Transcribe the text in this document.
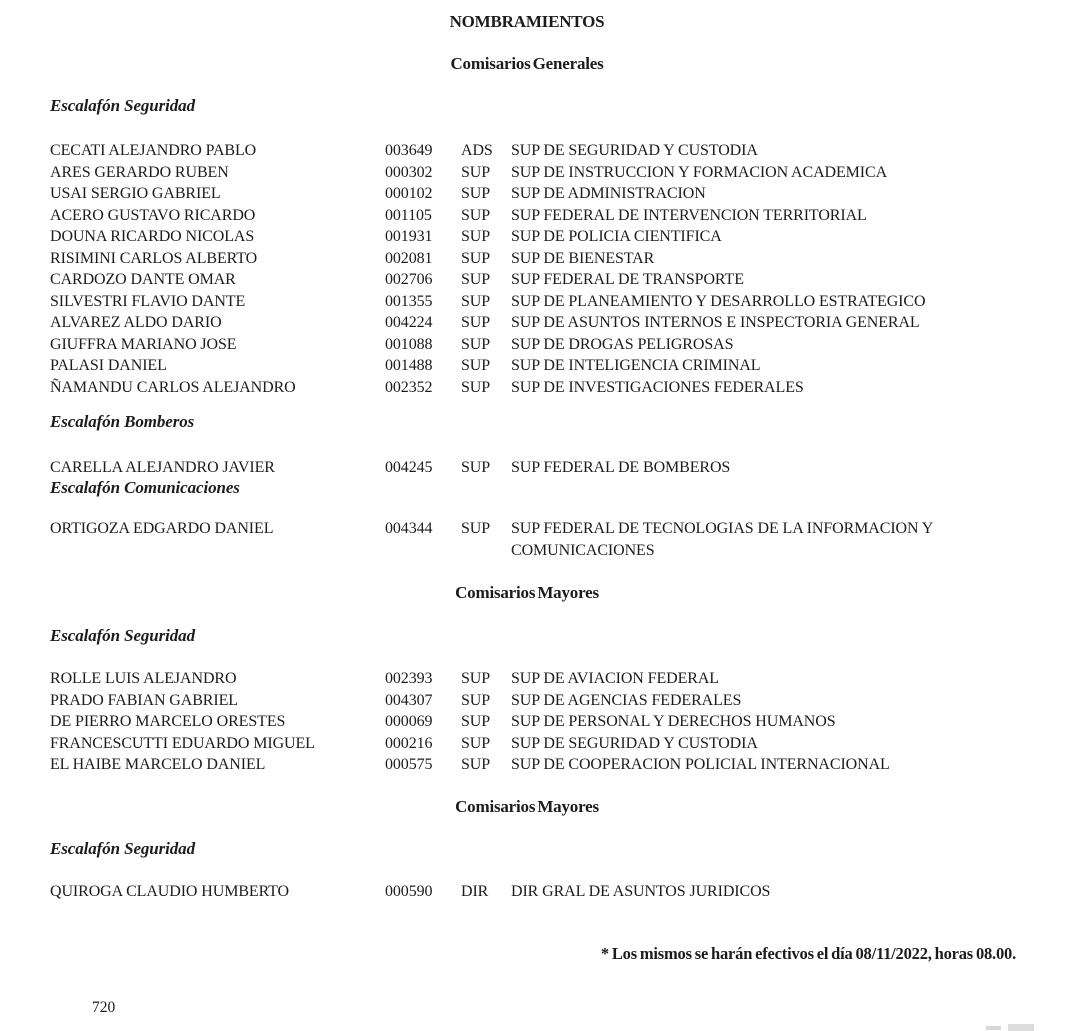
NOMBRAMIENTOS
Comisarios Generales
Escalafón Seguridad
CECATI ALEJANDRO PABLO	003649	ADS	SUP DE SEGURIDAD Y CUSTODIA
ARES GERARDO RUBEN	000302	SUP	SUP DE INSTRUCCION Y FORMACION ACADEMICA
USAI SERGIO GABRIEL	000102	SUP	SUP DE ADMINISTRACION
ACERO GUSTAVO RICARDO	001105	SUP	SUP FEDERAL DE INTERVENCION TERRITORIAL
DOUNA RICARDO NICOLAS	001931	SUP	SUP DE POLICIA CIENTIFICA
RISIMINI CARLOS ALBERTO	002081	SUP	SUP DE BIENESTAR
CARDOZO DANTE OMAR	002706	SUP	SUP FEDERAL DE TRANSPORTE
SILVESTRI FLAVIO DANTE	001355	SUP	SUP DE PLANEAMIENTO Y DESARROLLO ESTRATEGICO
ALVAREZ ALDO DARIO	004224	SUP	SUP DE ASUNTOS INTERNOS E INSPECTORIA GENERAL
GIUFFRA MARIANO JOSE	001088	SUP	SUP DE DROGAS PELIGROSAS
PALASI DANIEL	001488	SUP	SUP DE INTELIGENCIA CRIMINAL
ÑAMANDU CARLOS ALEJANDRO	002352	SUP	SUP DE INVESTIGACIONES FEDERALES
Escalafón Bomberos
CARELLA ALEJANDRO JAVIER	004245	SUP	SUP FEDERAL DE BOMBEROS
Escalafón Comunicaciones
ORTIGOZA EDGARDO DANIEL	004344	SUP	SUP FEDERAL DE TECNOLOGIAS DE LA INFORMACION Y COMUNICACIONES
Comisarios Mayores
Escalafón Seguridad
ROLLE LUIS ALEJANDRO	002393	SUP	SUP DE AVIACION FEDERAL
PRADO FABIAN GABRIEL	004307	SUP	SUP DE AGENCIAS FEDERALES
DE PIERRO MARCELO ORESTES	000069	SUP	SUP DE PERSONAL Y DERECHOS HUMANOS
FRANCESCUTTI EDUARDO MIGUEL	000216	SUP	SUP DE SEGURIDAD Y CUSTODIA
EL HAIBE MARCELO DANIEL	000575	SUP	SUP DE COOPERACION POLICIAL INTERNACIONAL
Comisarios Mayores
Escalafón Seguridad
QUIROGA CLAUDIO HUMBERTO	000590	DIR	DIR GRAL DE ASUNTOS JURIDICOS
* Los mismos se harán efectivos el día 08/11/2022, horas 08.00.
720
